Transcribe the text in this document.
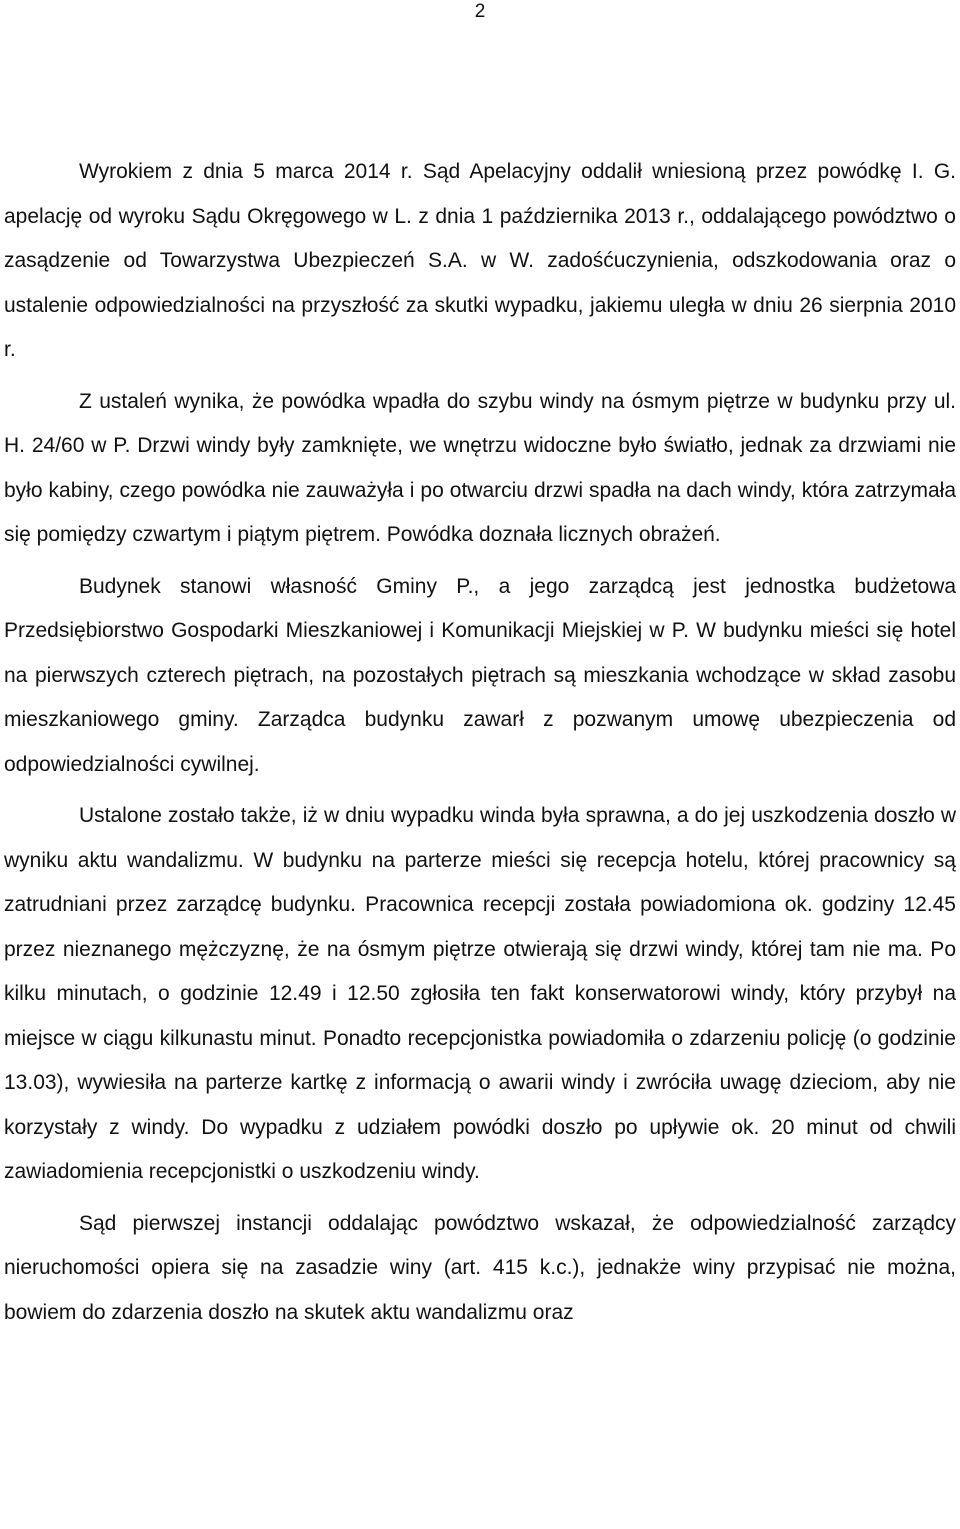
2

Wyrokiem z dnia 5 marca 2014 r. Sąd Apelacyjny oddalił wniesioną przez powódkę I. G. apelację od wyroku Sądu Okręgowego w L. z dnia 1 października 2013 r., oddalającego powództwo o zasądzenie od Towarzystwa Ubezpieczeń S.A. w W. zadośćuczynienia, odszkodowania oraz o ustalenie odpowiedzialności na przyszłość za skutki wypadku, jakiemu uległa w dniu 26 sierpnia 2010 r.

Z ustaleń wynika, że powódka wpadła do szybu windy na ósmym piętrze w budynku przy ul. H. 24/60 w P. Drzwi windy były zamknięte, we wnętrzu widoczne było światło, jednak za drzwiami nie było kabiny, czego powódka nie zauważyła i po otwarciu drzwi spadła na dach windy, która zatrzymała się pomiędzy czwartym i piątym piętrem. Powódka doznała licznych obrażeń.

Budynek stanowi własność Gminy P., a jego zarządcą jest jednostka budżetowa Przedsiębiorstwo Gospodarki Mieszkaniowej i Komunikacji Miejskiej w P. W budynku mieści się hotel na pierwszych czterech piętrach, na pozostałych piętrach są mieszkania wchodzące w skład zasobu mieszkaniowego gminy. Zarządca budynku zawarł z pozwanym umowę ubezpieczenia od odpowiedzialności cywilnej.

Ustalone zostało także, iż w dniu wypadku winda była sprawna, a do jej uszkodzenia doszło w wyniku aktu wandalizmu. W budynku na parterze mieści się recepcja hotelu, której pracownicy są zatrudniani przez zarządcę budynku. Pracownica recepcji została powiadomiona ok. godziny 12.45 przez nieznanego mężczyznę, że na ósmym piętrze otwierają się drzwi windy, której tam nie ma. Po kilku minutach, o godzinie 12.49 i 12.50 zgłosiła ten fakt konserwatorowi windy, który przybył na miejsce w ciągu kilkunastu minut. Ponadto recepcjonistka powiadomiła o zdarzeniu policję (o godzinie 13.03), wywiesiła na parterze kartkę z informacją o awarii windy i zwróciła uwagę dzieciom, aby nie korzystały z windy. Do wypadku z udziałem powódki doszło po upływie ok. 20 minut od chwili zawiadomienia recepcjonistki o uszkodzeniu windy.

Sąd pierwszej instancji oddalając powództwo wskazał, że odpowiedzialność zarządcy nieruchomości opiera się na zasadzie winy (art. 415 k.c.), jednakże winy przypisać nie można, bowiem do zdarzenia doszło na skutek aktu wandalizmu oraz
